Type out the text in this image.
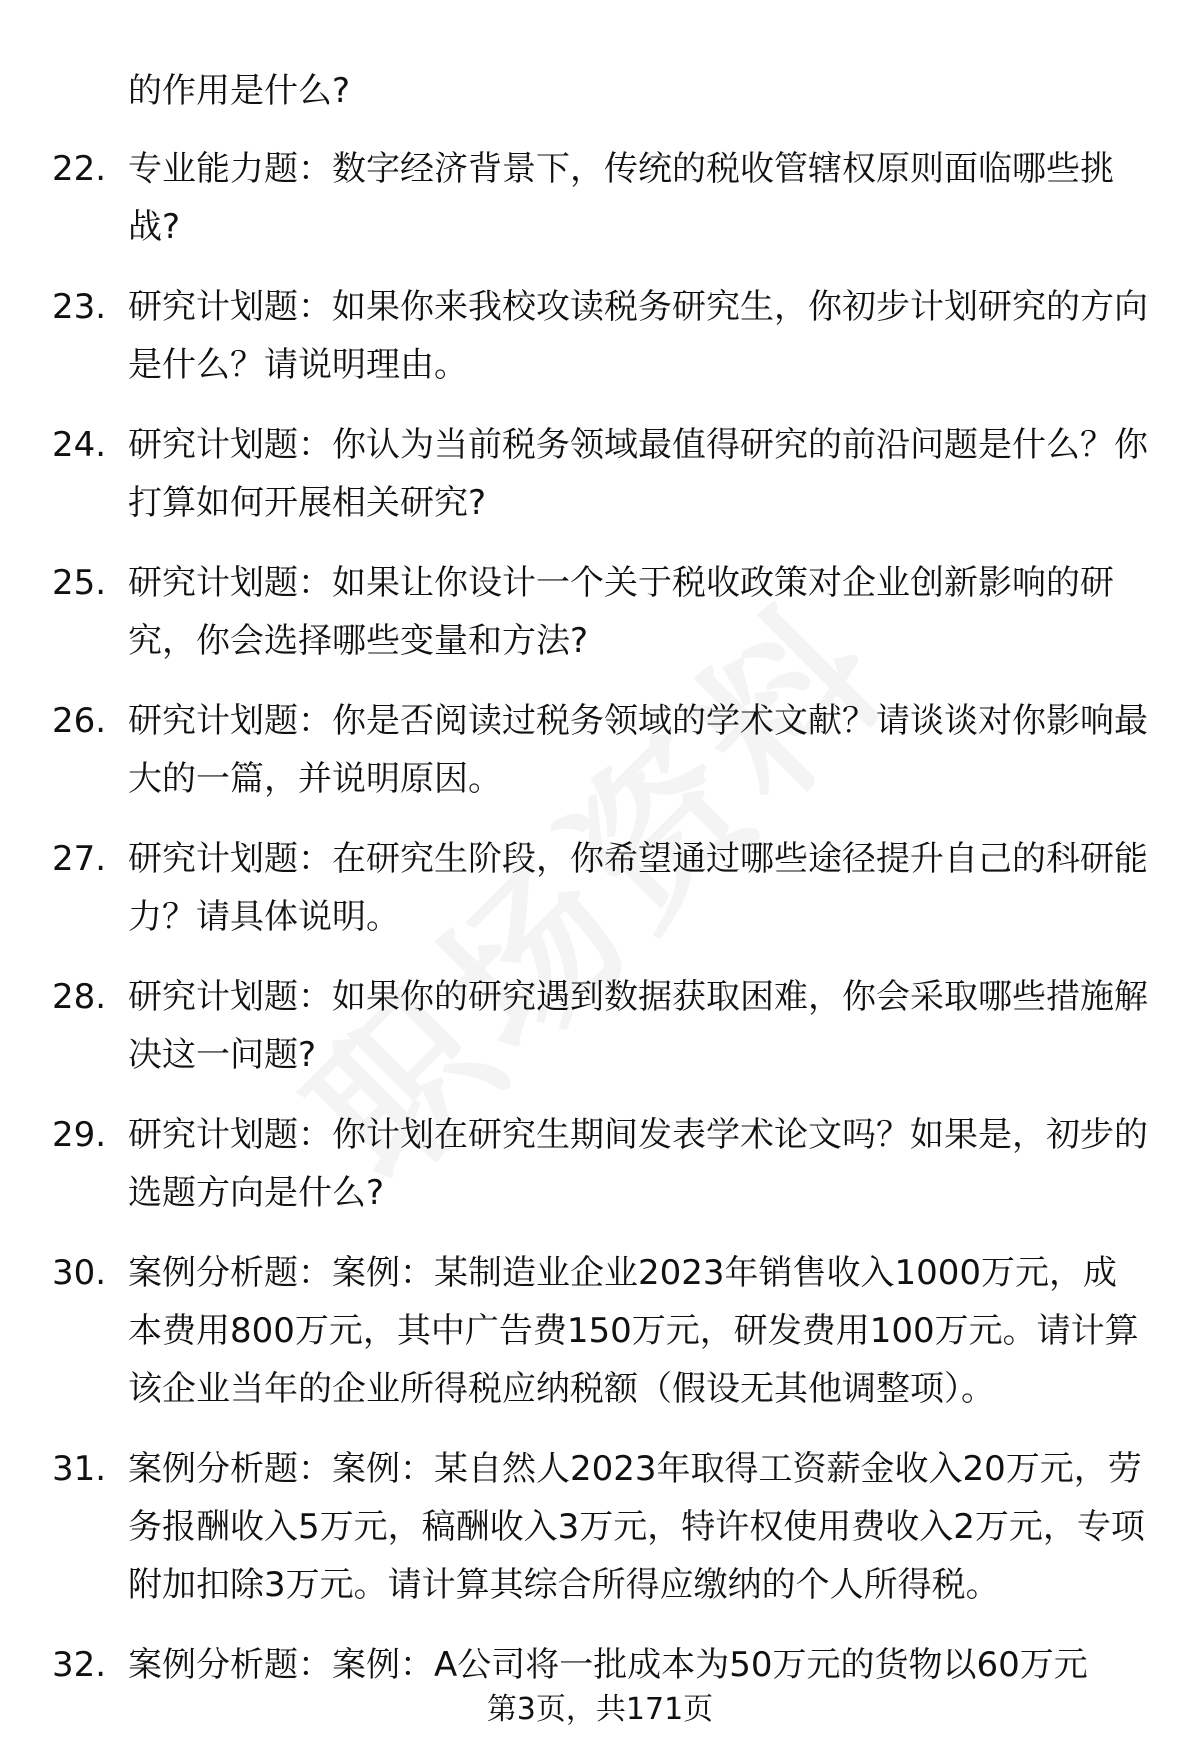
的作用是什么?
22. 专业能力题：数字经济背景下，传统的税收管辖权原则面临哪些挑战?
23. 研究计划题：如果你来我校攻读税务研究生，你初步计划研究的方向是什么？请说明理由。
24. 研究计划题：你认为当前税务领域最值得研究的前沿问题是什么？你打算如何开展相关研究?
25. 研究计划题：如果让你设计一个关于税收政策对企业创新影响的研究，你会选择哪些变量和方法?
26. 研究计划题：你是否阅读过税务领域的学术文献？请谈谈对你影响最大的一篇，并说明原因。
27. 研究计划题：在研究生阶段，你希望通过哪些途径提升自己的科研能力？请具体说明。
28. 研究计划题：如果你的研究遇到数据获取困难，你会采取哪些措施解决这一问题?
29. 研究计划题：你计划在研究生期间发表学术论文吗？如果是，初步的选题方向是什么?
30. 案例分析题：案例：某制造业企业2023年销售收入1000万元，成本费用800万元，其中广告费150万元，研发费用100万元。请计算该企业当年的企业所得税应纳税额（假设无其他调整项）。
31. 案例分析题：案例：某自然人2023年取得工资薪金收入20万元，劳务报酬收入5万元，稿酬收入3万元，特许权使用费收入2万元，专项附加扣除3万元。请计算其综合所得应缴纳的个人所得税。
32. 案例分析题：案例：A公司将一批成本为50万元的货物以60万元
第3页，共171页
